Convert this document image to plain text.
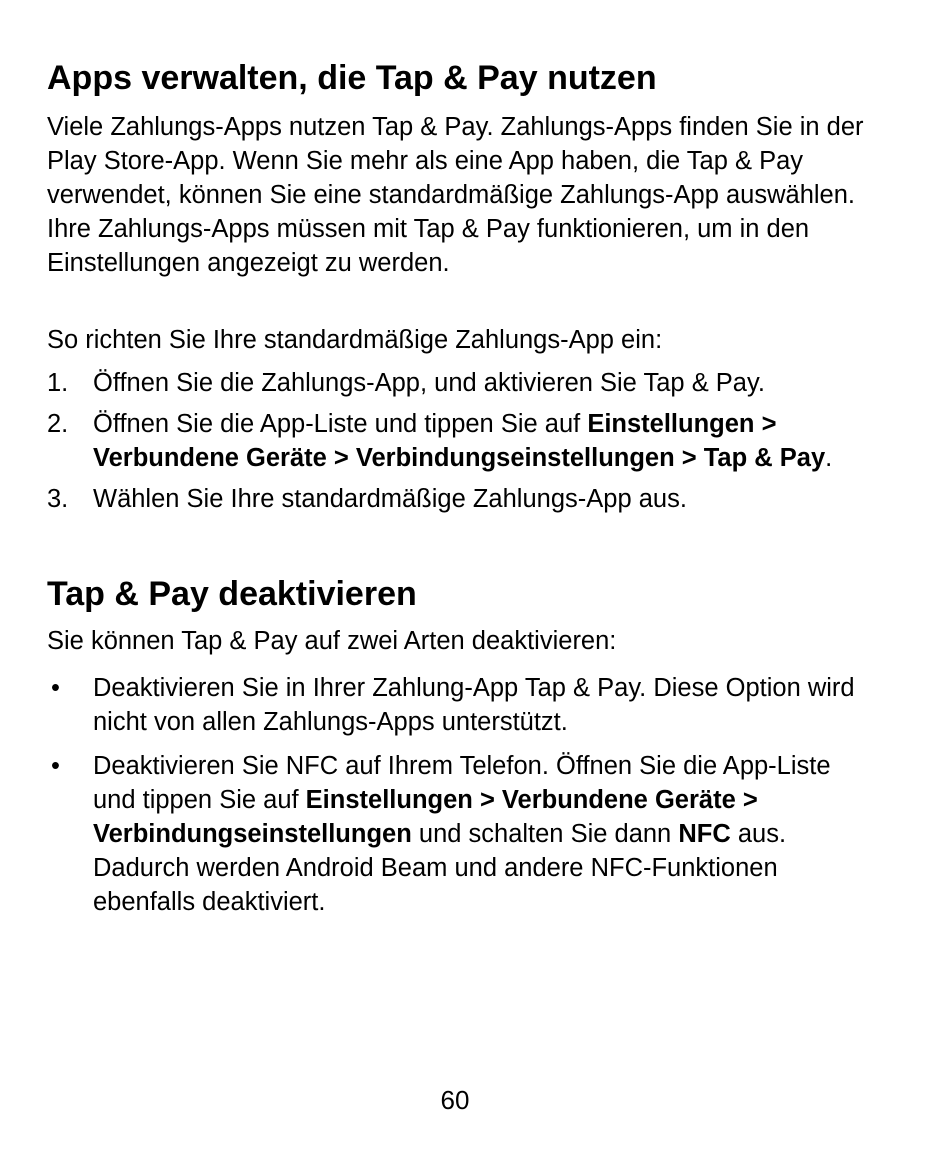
Apps verwalten, die Tap & Pay nutzen

Viele Zahlungs-Apps nutzen Tap & Pay. Zahlungs-Apps finden Sie in der Play Store-App. Wenn Sie mehr als eine App haben, die Tap & Pay verwendet, können Sie eine standardmäßige Zahlungs-App auswählen. Ihre Zahlungs-Apps müssen mit Tap & Pay funktionieren, um in den Einstellungen angezeigt zu werden.

So richten Sie Ihre standardmäßige Zahlungs-App ein:

1. Öffnen Sie die Zahlungs-App, und aktivieren Sie Tap & Pay.
2. Öffnen Sie die App-Liste und tippen Sie auf Einstellungen > Verbundene Geräte > Verbindungseinstellungen > Tap & Pay.
3. Wählen Sie Ihre standardmäßige Zahlungs-App aus.
Tap & Pay deaktivieren

Sie können Tap & Pay auf zwei Arten deaktivieren:

• Deaktivieren Sie in Ihrer Zahlung-App Tap & Pay. Diese Option wird nicht von allen Zahlungs-Apps unterstützt.
• Deaktivieren Sie NFC auf Ihrem Telefon. Öffnen Sie die App-Liste und tippen Sie auf Einstellungen > Verbundene Geräte > Verbindungseinstellungen und schalten Sie dann NFC aus. Dadurch werden Android Beam und andere NFC-Funktionen ebenfalls deaktiviert.
60
